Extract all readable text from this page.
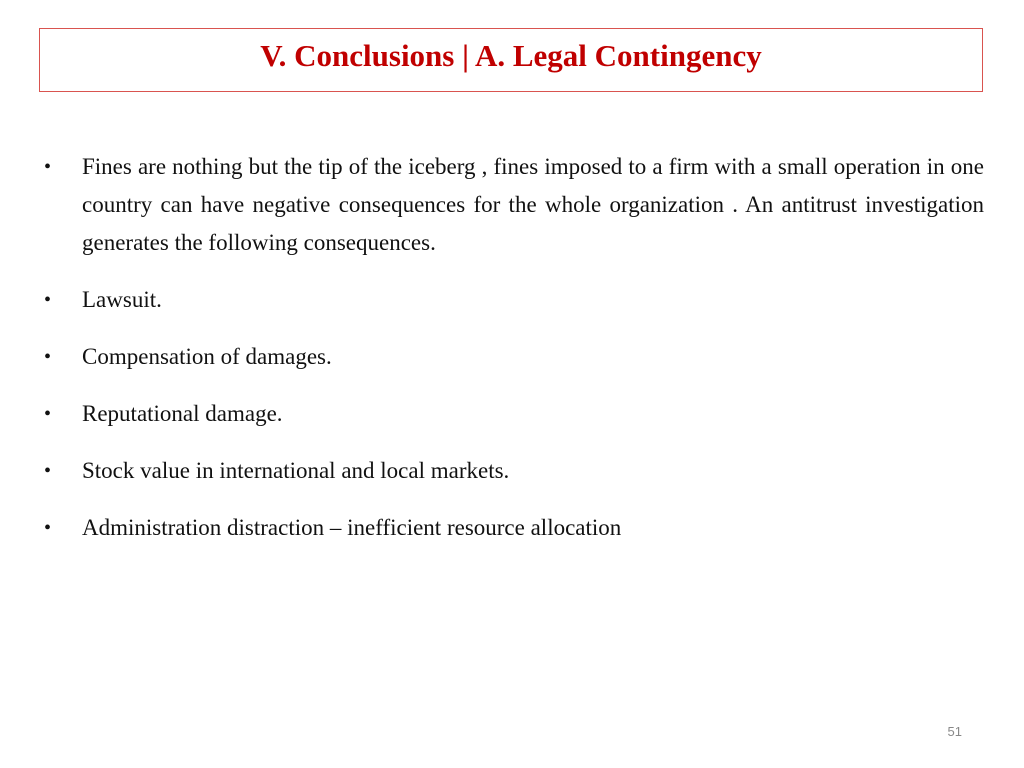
V. Conclusions | A. Legal Contingency
•	Fines are nothing but the tip of the iceberg , fines imposed to a firm with a small operation in one country can have negative consequences for the whole organization . An antitrust investigation generates the following consequences.
•	Lawsuit.
•	Compensation of damages.
•	Reputational damage.
•	Stock value in international and local markets.
•	Administration distraction – inefficient resource allocation
51
